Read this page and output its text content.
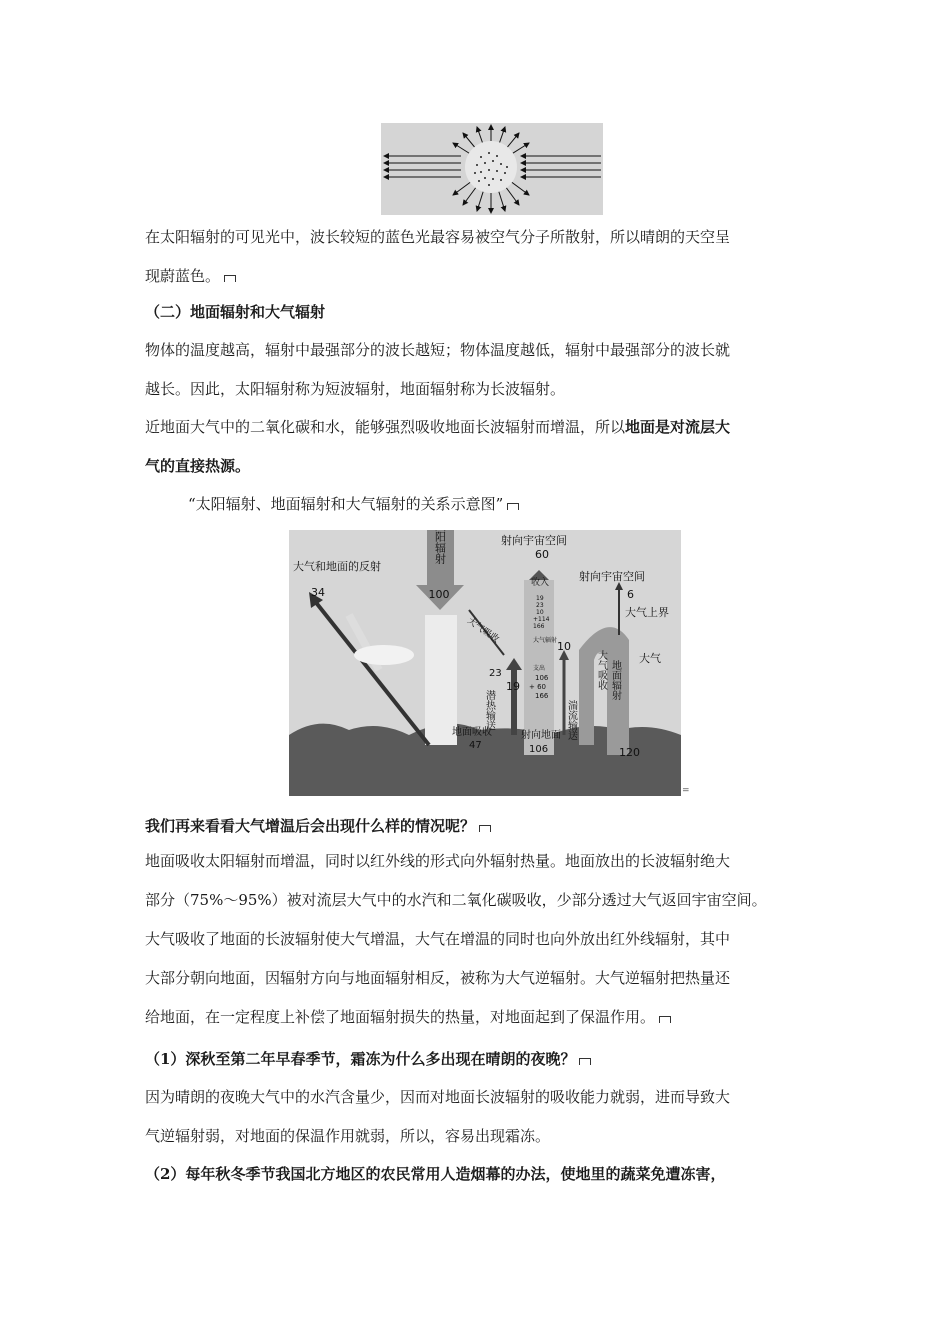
在太阳辐射的可见光中，波长较短的蓝色光最容易被空气分子所散射，所以晴朗的天空呈
现蔚蓝色。

（二）地面辐射和大气辐射

物体的温度越高，辐射中最强部分的波长越短；物体温度越低，辐射中最强部分的波长就
越长。因此，太阳辐射称为短波辐射，地面辐射称为长波辐射。

近地面大气中的二氧化碳和水，能够强烈吸收地面长波辐射而增温，所以地面是对流层大
气的直接热源。

“太阳辐射、地面辐射和大气辐射的关系示意图”

太阳辐射
100
大气和地面的反射
34
射向宇宙空间
60
收入
19
23
10
+114
166
大气辐射
支出
106
+ 60
166
射向宇宙空间
6
大气上界
大气
大气吸收
19
23
潜热输送
10
湍流输送
大气吸收 地面辐射
120
地面吸收
47
射向地面
106
=

我们再来看看大气增温后会出现什么样的情况呢？

地面吸收太阳辐射而增温，同时以红外线的形式向外辐射热量。地面放出的长波辐射绝大
部分（75%～95%）被对流层大气中的水汽和二氧化碳吸收，少部分透过大气返回宇宙空间。
大气吸收了地面的长波辐射使大气增温，大气在增温的同时也向外放出红外线辐射，其中
大部分朝向地面，因辐射方向与地面辐射相反，被称为大气逆辐射。大气逆辐射把热量还
给地面，在一定程度上补偿了地面辐射损失的热量，对地面起到了保温作用。

（1）深秋至第二年早春季节，霜冻为什么多出现在晴朗的夜晚？

因为晴朗的夜晚大气中的水汽含量少，因而对地面长波辐射的吸收能力就弱，进而导致大
气逆辐射弱，对地面的保温作用就弱，所以，容易出现霜冻。

（2）每年秋冬季节我国北方地区的农民常用人造烟幕的办法，使地里的蔬菜免遭冻害，
